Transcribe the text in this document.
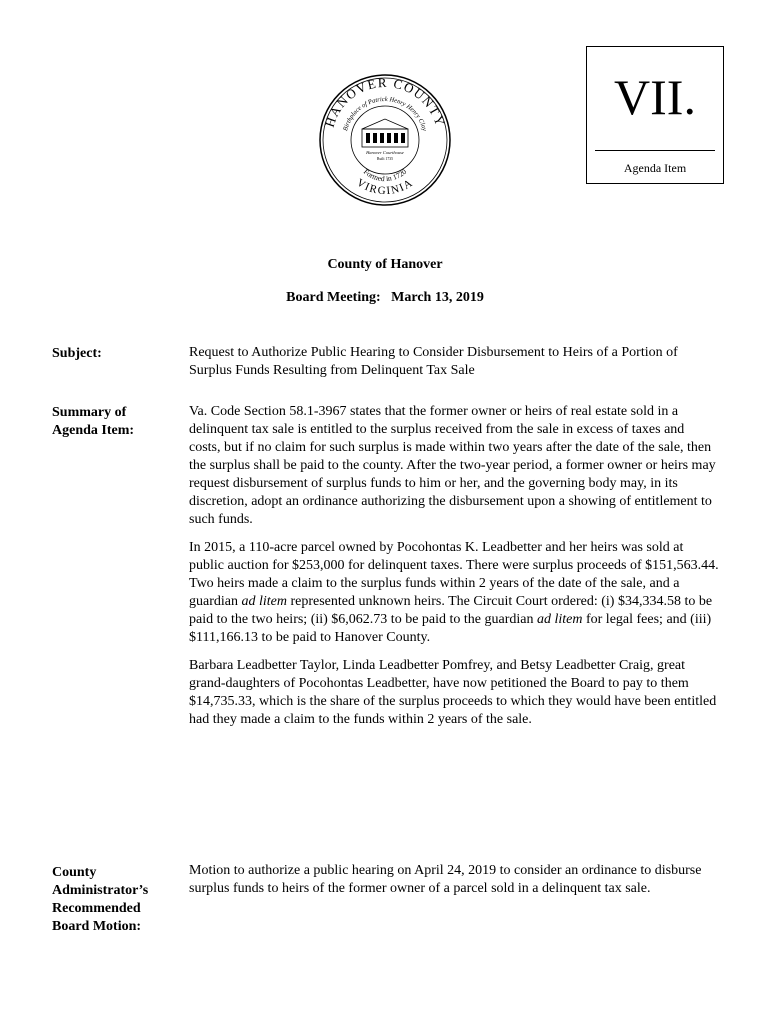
HANOVER COUNTY
Birthplace of Patrick Henry Henry Clay
VIRGINIA
Formed in 1720
Hanover Courthouse
Built 1735
VII.
Agenda Item
County of Hanover
Board Meeting:   March 13, 2019
Subject:	Request to Authorize Public Hearing to Consider Disbursement to Heirs of a Portion of Surplus Funds Resulting from Delinquent Tax Sale
Summary of
Agenda Item:

Va. Code Section 58.1-3967 states that the former owner or heirs of real estate sold in a delinquent tax sale is entitled to the surplus received from the sale in excess of taxes and costs, but if no claim for such surplus is made within two years after the date of the sale, then the surplus shall be paid to the county. After the two-year period, a former owner or heirs may request disbursement of surplus funds to him or her, and the governing body may, in its discretion, adopt an ordinance authorizing the disbursement upon a showing of entitlement to such funds.

In 2015, a 110-acre parcel owned by Pocohontas K. Leadbetter and her heirs was sold at public auction for $253,000 for delinquent taxes. There were surplus proceeds of $151,563.44. Two heirs made a claim to the surplus funds within 2 years of the date of the sale, and a guardian ad litem represented unknown heirs. The Circuit Court ordered: (i) $34,334.58 to be paid to the two heirs; (ii) $6,062.73 to be paid to the guardian ad litem for legal fees; and (iii) $111,166.13 to be paid to Hanover County.

Barbara Leadbetter Taylor, Linda Leadbetter Pomfrey, and Betsy Leadbetter Craig, great grand-daughters of Pocohontas Leadbetter, have now petitioned the Board to pay to them $14,735.33, which is the share of the surplus proceeds to which they would have been entitled had they made a claim to the funds within 2 years of the sale.

County
Administrator’s
Recommended
Board Motion:
Motion to authorize a public hearing on April 24, 2019 to consider an ordinance to disburse surplus funds to heirs of the former owner of a parcel sold in a delinquent tax sale.
